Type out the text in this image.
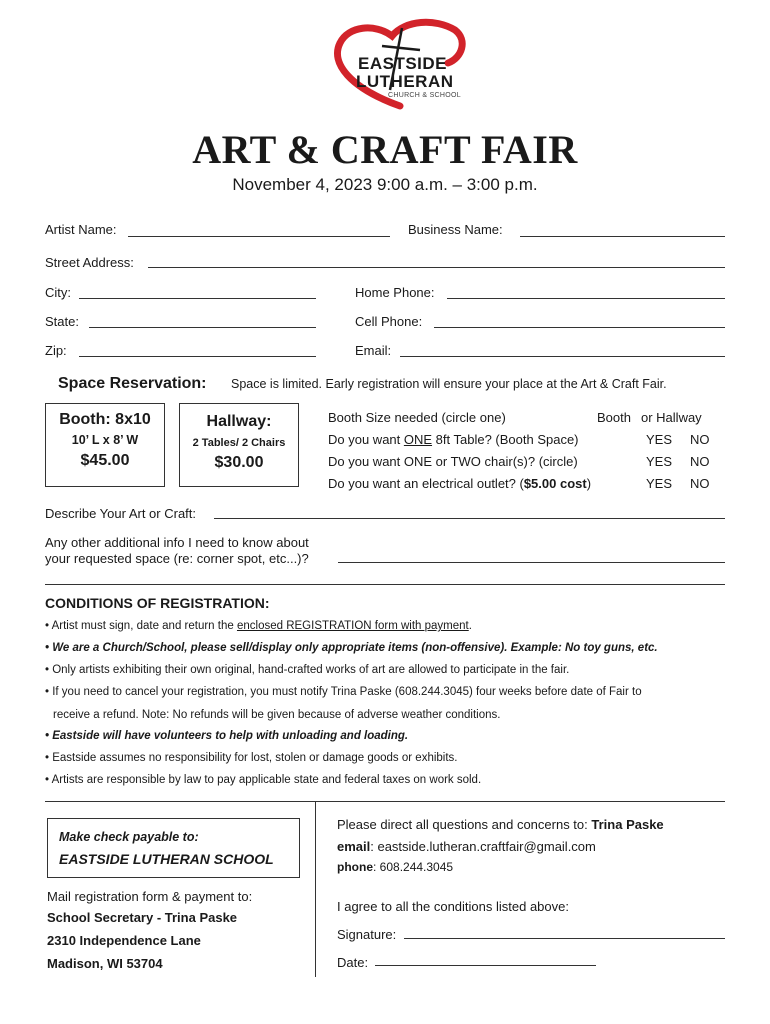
EASTSIDE
LUTHERAN
CHURCH & SCHOOL
ART & CRAFT FAIR
November 4, 2023 9:00 a.m. – 3:00 p.m.
Artist Name:	Business Name:
Street Address:
City:	Home Phone:
State:	Cell Phone:
Zip:	Email:
Space Reservation: Space is limited. Early registration will ensure your place at the Art & Craft Fair.
Booth: 8x10
10’ L x 8’ W
$45.00
Hallway:
2 Tables/ 2 Chairs
$30.00
Booth Size needed (circle one)	Booth or Hallway
Do you want ONE 8ft Table? (Booth Space)	YES NO
Do you want ONE or TWO chair(s)? (circle)	YES NO
Do you want an electrical outlet? ($5.00 cost)	YES NO
Describe Your Art or Craft:
Any other additional info I need to know about
your requested space (re: corner spot, etc...)?
CONDITIONS OF REGISTRATION:
• Artist must sign, date and return the enclosed REGISTRATION form with payment.
• We are a Church/School, please sell/display only appropriate items (non-offensive). Example: No toy guns, etc.
• Only artists exhibiting their own original, hand-crafted works of art are allowed to participate in the fair.
• If you need to cancel your registration, you must notify Trina Paske (608.244.3045) four weeks before date of Fair to
receive a refund. Note: No refunds will be given because of adverse weather conditions.
• Eastside will have volunteers to help with unloading and loading.
• Eastside assumes no responsibility for lost, stolen or damage goods or exhibits.
• Artists are responsible by law to pay applicable state and federal taxes on work sold.
Make check payable to:
EASTSIDE LUTHERAN SCHOOL
Mail registration form & payment to:
School Secretary - Trina Paske
2310 Independence Lane
Madison, WI 53704
Please direct all questions and concerns to: Trina Paske
email: eastside.lutheran.craftfair@gmail.com
phone: 608.244.3045
I agree to all the conditions listed above:
Signature:
Date:
